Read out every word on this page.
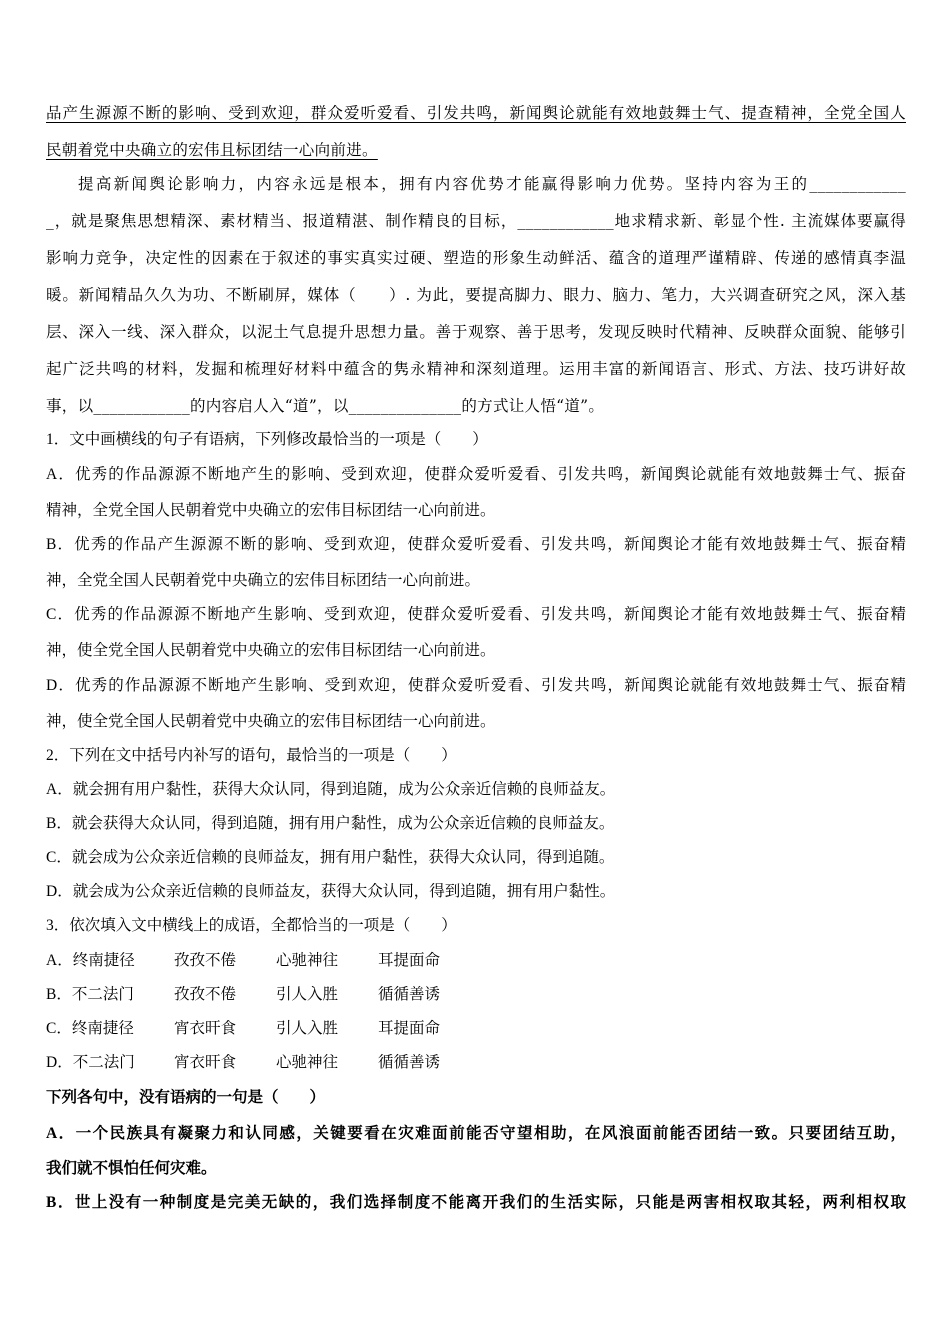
品产生源源不断的影响、受到欢迎，群众爱听爱看、引发共鸣，新闻舆论就能有效地鼓舞士气、提查精神，全党全国人
民朝着党中央确立的宏伟且标团结一心向前进。
提高新闻舆论影响力，内容永远是根本，拥有内容优势才能赢得影响力优势。坚持内容为王的____________
_，就是聚焦思想精深、素材精当、报道精湛、制作精良的目标，____________地求精求新、彰显个性. 主流媒体要赢得
影响力竞争，决定性的因素在于叙述的事实真实过硬、塑造的形象生动鲜活、蕴含的道理严谨精辟、传递的感情真李温
暖。新闻精品久久为功、不断刷屏，媒体（　　）. 为此，要提高脚力、眼力、脑力、笔力，大兴调查研究之风，深入基
层、深入一线、深入群众，以泥土气息提升思想力量。善于观察、善于思考，发现反映时代精神、反映群众面貌、能够引
起广泛共鸣的材料，发掘和梳理好材料中蕴含的隽永精神和深刻道理。运用丰富的新闻语言、形式、方法、技巧讲好故
事，以____________的内容启人入“道”，以______________的方式让人悟“道”。
1．文中画横线的句子有语病，下列修改最恰当的一项是（　　）
A．优秀的作品源源不断地产生的影响、受到欢迎，使群众爱听爱看、引发共鸣，新闻舆论就能有效地鼓舞士气、振奋
精神，全党全国人民朝着党中央确立的宏伟目标团结一心向前进。
B．优秀的作品产生源源不断的影响、受到欢迎，使群众爱听爱看、引发共鸣，新闻舆论才能有效地鼓舞士气、振奋精
神，全党全国人民朝着党中央确立的宏伟目标团结一心向前进。
C．优秀的作品源源不断地产生影响、受到欢迎，使群众爱听爱看、引发共鸣，新闻舆论才能有效地鼓舞士气、振奋精
神，使全党全国人民朝着党中央确立的宏伟目标团结一心向前进。
D．优秀的作品源源不断地产生影响、受到欢迎，使群众爱听爱看、引发共鸣，新闻舆论就能有效地鼓舞士气、振奋精
神，使全党全国人民朝着党中央确立的宏伟目标团结一心向前进。
2．下列在文中括号内补写的语句，最恰当的一项是（　　）
A．就会拥有用户黏性，获得大众认同，得到追随，成为公众亲近信赖的良师益友。
B．就会获得大众认同，得到追随，拥有用户黏性，成为公众亲近信赖的良师益友。
C．就会成为公众亲近信赖的良师益友，拥有用户黏性，获得大众认同，得到追随。
D．就会成为公众亲近信赖的良师益友，获得大众认同，得到追随，拥有用户黏性。
3．依次填入文中横线上的成语，全都恰当的一项是（　　）
A．终南捷径	孜孜不倦	心驰神往	耳提面命
B．不二法门	孜孜不倦	引人入胜	循循善诱
C．终南捷径	宵衣旰食	引人入胜	耳提面命
D．不二法门	宵衣旰食	心驰神往	循循善诱
下列各句中，没有语病的一句是（　　）
A．一个民族具有凝聚力和认同感，关键要看在灾难面前能否守望相助，在风浪面前能否团结一致。只要团结互助，
我们就不惧怕任何灾难。
B．世上没有一种制度是完美无缺的，我们选择制度不能离开我们的生活实际，只能是两害相权取其轻，两利相权取
